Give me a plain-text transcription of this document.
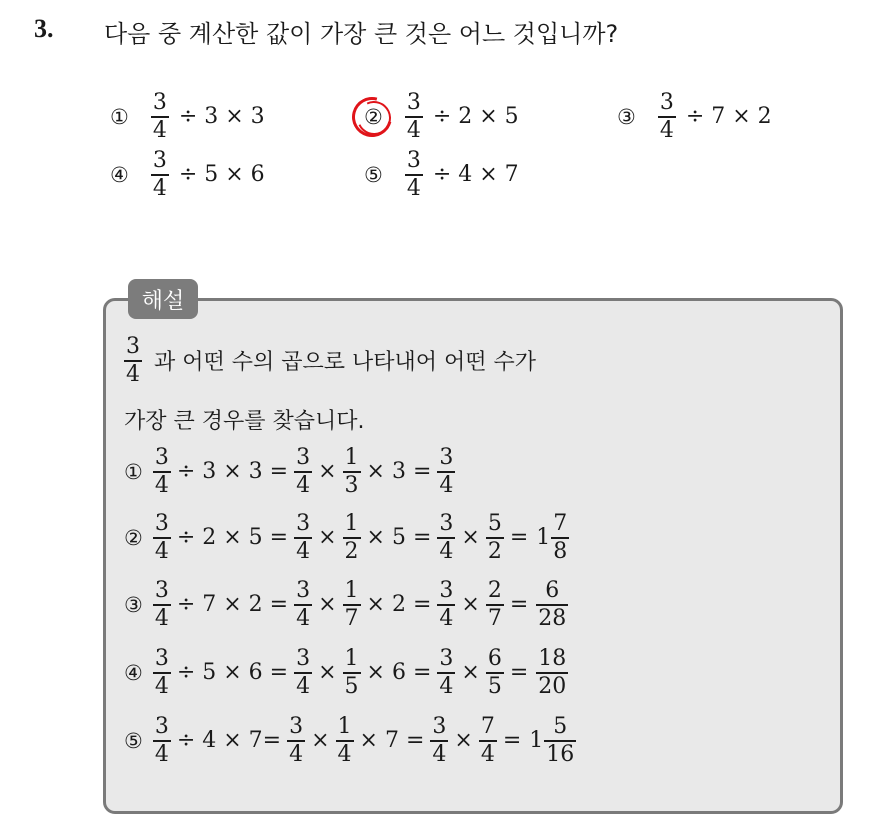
3. 다음 중 계산한 값이 가장 큰 것은 어느 것입니까?
① $\frac{3}{4} \div 3 \times 3$	② $\frac{3}{4} \div 2 \times 5$	③ $\frac{3}{4} \div 7 \times 2$
④ $\frac{3}{4} \div 5 \times 6$	⑤ $\frac{3}{4} \div 4 \times 7$
해설
$\frac{3}{4}$ 과 어떤 수의 곱으로 나타내어 어떤 수가
가장 큰 경우를 찾습니다.
① $\frac{3}{4} \div 3 \times 3 = \frac{3}{4} \times \frac{1}{3} \times 3 = \frac{3}{4}$
② $\frac{3}{4} \div 2 \times 5 = \frac{3}{4} \times \frac{1}{2} \times 5 = \frac{3}{4} \times \frac{5}{2} = 1 \frac{7}{8}$
③ $\frac{3}{4} \div 7 \times 2 = \frac{3}{4} \times \frac{1}{7} \times 2 = \frac{3}{4} \times \frac{2}{7} = \frac{6}{28}$
④ $\frac{3}{4} \div 5 \times 6 = \frac{3}{4} \times \frac{1}{5} \times 6 = \frac{3}{4} \times \frac{6}{5} = \frac{18}{20}$
⑤ $\frac{3}{4} \div 4 \times 7= \frac{3}{4} \times \frac{1}{4} \times 7 = \frac{3}{4} \times \frac{7}{4} = 1 \frac{5}{16}$
